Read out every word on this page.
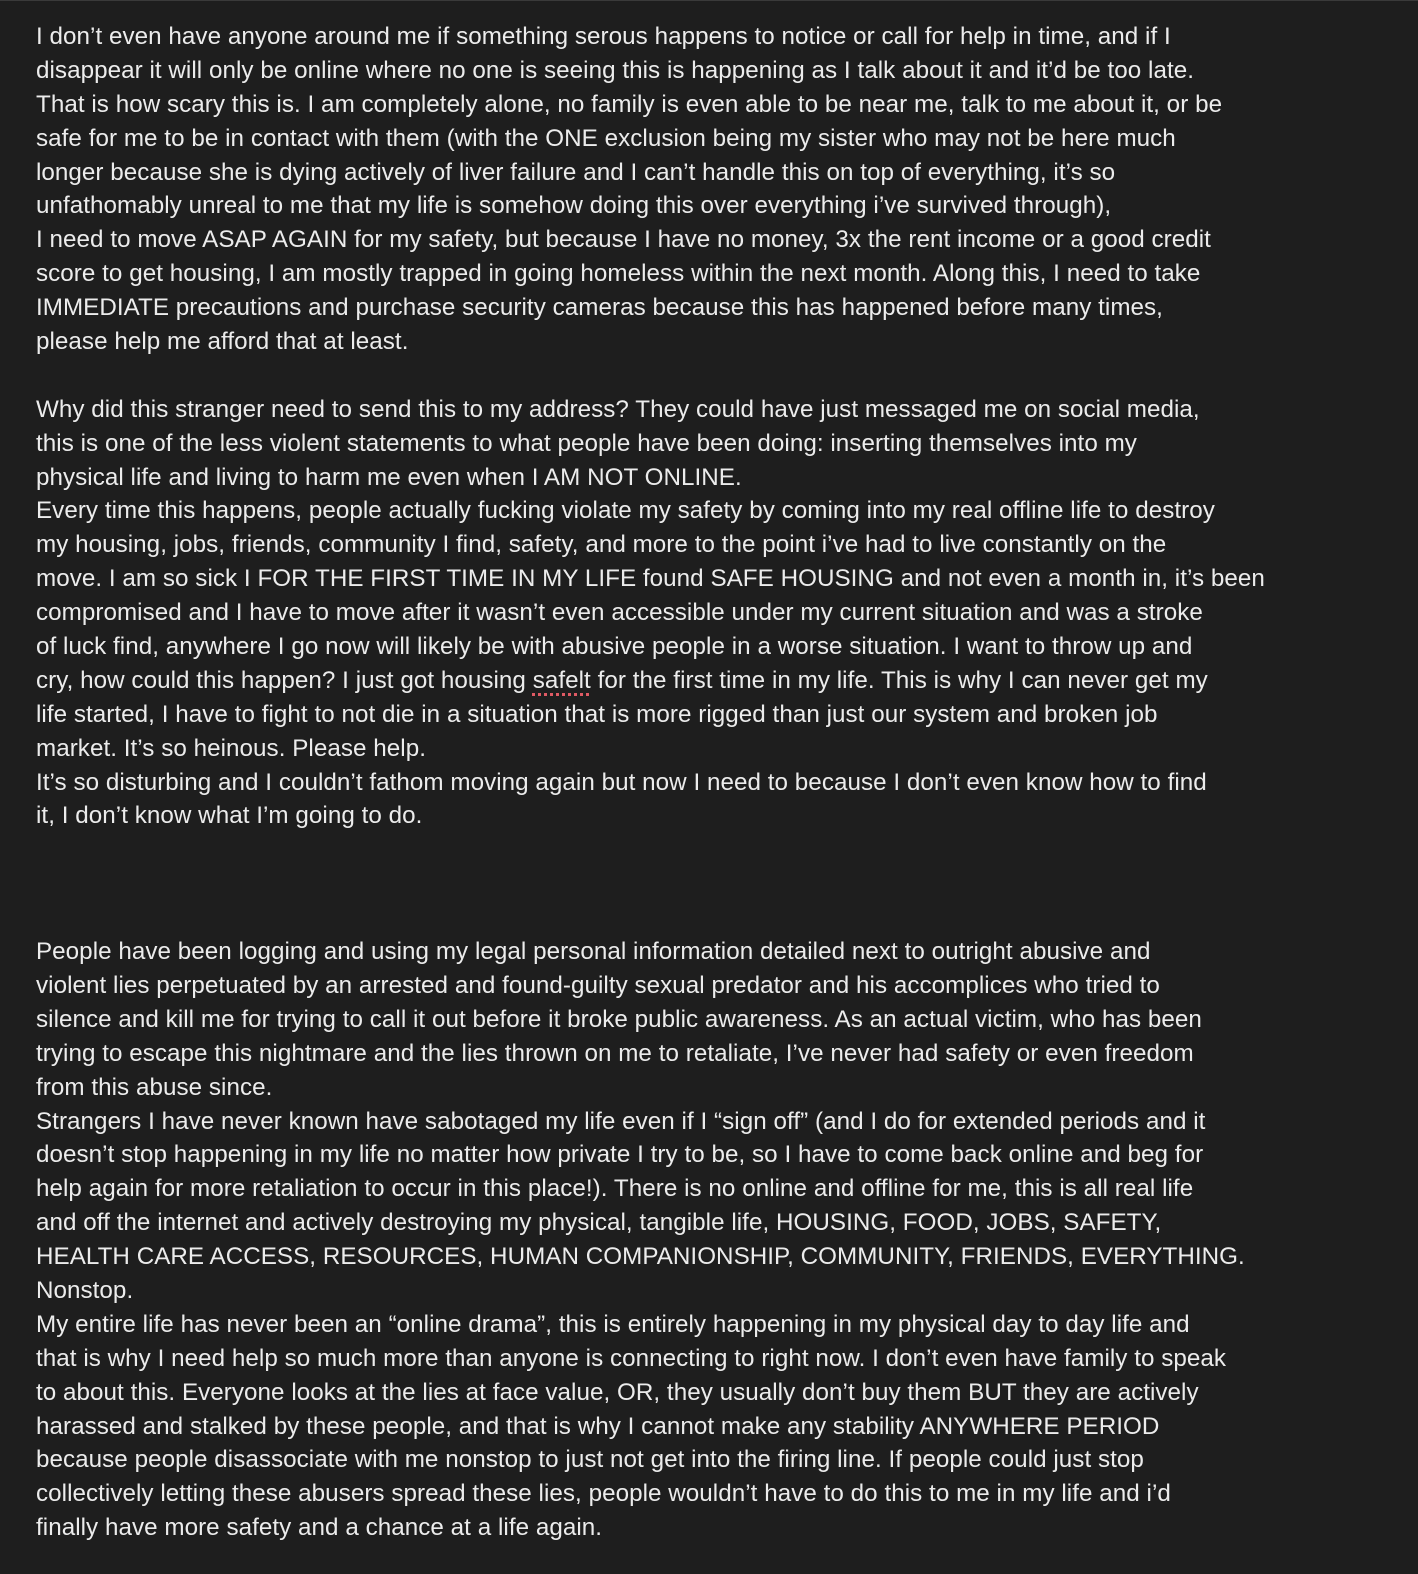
I don’t even have anyone around me if something serous happens to notice or call for help in time, and if I
disappear it will only be online where no one is seeing this is happening as I talk about it and it’d be too late.
That is how scary this is. I am completely alone, no family is even able to be near me, talk to me about it, or be
safe for me to be in contact with them (with the ONE exclusion being my sister who may not be here much
longer because she is dying actively of liver failure and I can’t handle this on top of everything, it’s so
unfathomably unreal to me that my life is somehow doing this over everything i’ve survived through),
I need to move ASAP AGAIN for my safety, but because I have no money, 3x the rent income or a good credit
score to get housing, I am mostly trapped in going homeless within the next month. Along this, I need to take
IMMEDIATE precautions and purchase security cameras because this has happened before many times,
please help me afford that at least.
Why did this stranger need to send this to my address? They could have just messaged me on social media,
this is one of the less violent statements to what people have been doing: inserting themselves into my
physical life and living to harm me even when I AM NOT ONLINE.
Every time this happens, people actually fucking violate my safety by coming into my real offline life to destroy
my housing, jobs, friends, community I find, safety, and more to the point i’ve had to live constantly on the
move. I am so sick I FOR THE FIRST TIME IN MY LIFE found SAFE HOUSING and not even a month in, it’s been
compromised and I have to move after it wasn’t even accessible under my current situation and was a stroke
of luck find, anywhere I go now will likely be with abusive people in a worse situation. I want to throw up and
cry, how could this happen? I just got housing safelt for the first time in my life. This is why I can never get my
life started, I have to fight to not die in a situation that is more rigged than just our system and broken job
market. It’s so heinous. Please help.
It’s so disturbing and I couldn’t fathom moving again but now I need to because I don’t even know how to find
it, I don’t know what I’m going to do.
People have been logging and using my legal personal information detailed next to outright abusive and
violent lies perpetuated by an arrested and found-guilty sexual predator and his accomplices who tried to
silence and kill me for trying to call it out before it broke public awareness. As an actual victim, who has been
trying to escape this nightmare and the lies thrown on me to retaliate, I’ve never had safety or even freedom
from this abuse since.
Strangers I have never known have sabotaged my life even if I “sign off” (and I do for extended periods and it
doesn’t stop happening in my life no matter how private I try to be, so I have to come back online and beg for
help again for more retaliation to occur in this place!). There is no online and offline for me, this is all real life
and off the internet and actively destroying my physical, tangible life, HOUSING, FOOD, JOBS, SAFETY,
HEALTH CARE ACCESS, RESOURCES, HUMAN COMPANIONSHIP, COMMUNITY, FRIENDS, EVERYTHING.
Nonstop.
My entire life has never been an “online drama”, this is entirely happening in my physical day to day life and
that is why I need help so much more than anyone is connecting to right now. I don’t even have family to speak
to about this. Everyone looks at the lies at face value, OR, they usually don’t buy them BUT they are actively
harassed and stalked by these people, and that is why I cannot make any stability ANYWHERE PERIOD
because people disassociate with me nonstop to just not get into the firing line. If people could just stop
collectively letting these abusers spread these lies, people wouldn’t have to do this to me in my life and i’d
finally have more safety and a chance at a life again.
